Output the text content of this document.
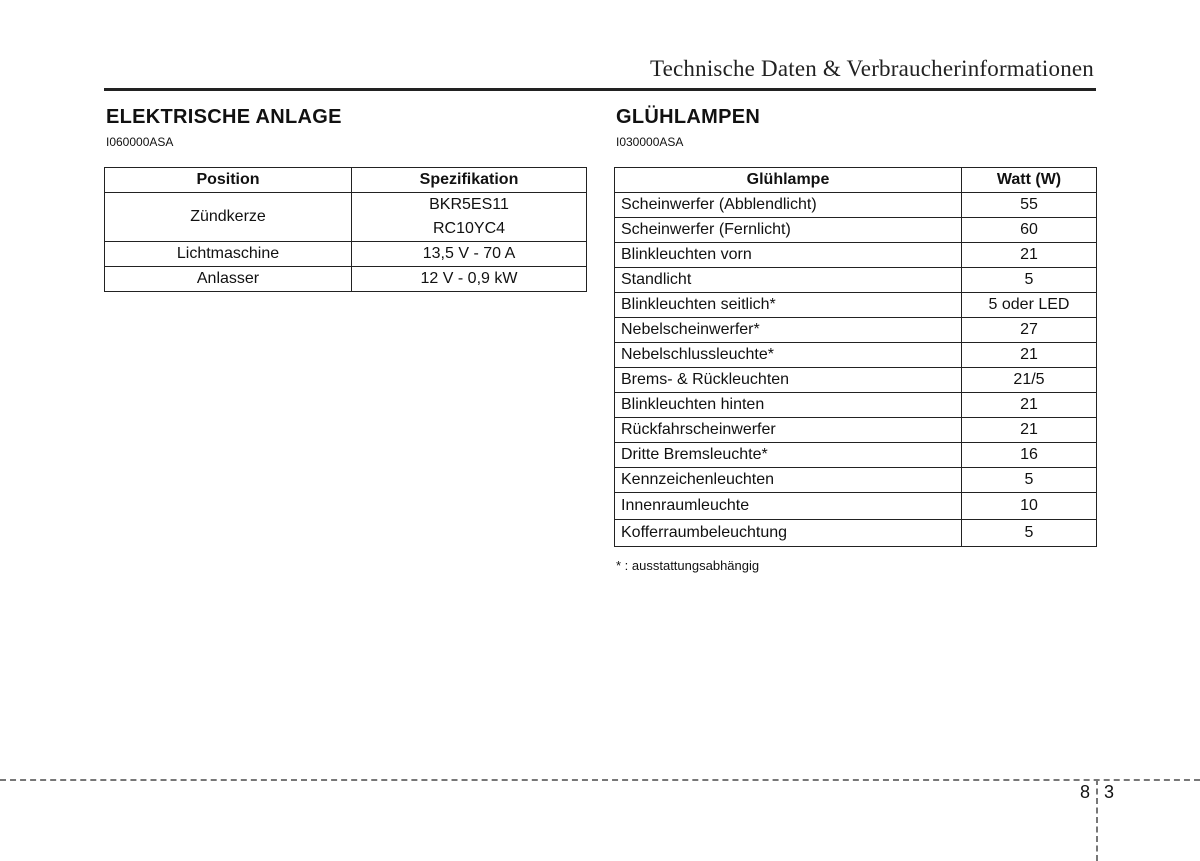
Technische Daten & Verbraucherinformationen
ELEKTRISCHE ANLAGE
I060000ASA
Position	Spezifikation
Zündkerze	BKR5ES11
	RC10YC4
Lichtmaschine	13,5 V - 70 A
Anlasser	12 V - 0,9 kW
GLÜHLAMPEN
I030000ASA
Glühlampe	Watt (W)
Scheinwerfer (Abblendlicht)	55
Scheinwerfer (Fernlicht)	60
Blinkleuchten vorn	21
Standlicht	5
Blinkleuchten seitlich*	5 oder LED
Nebelscheinwerfer*	27
Nebelschlussleuchte*	21
Brems- & Rückleuchten	21/5
Blinkleuchten hinten	21
Rückfahrscheinwerfer	21
Dritte Bremsleuchte*	16
Kennzeichenleuchten	5
Innenraumleuchte	10
Kofferraumbeleuchtung	5
* : ausstattungsabhängig
8 3
